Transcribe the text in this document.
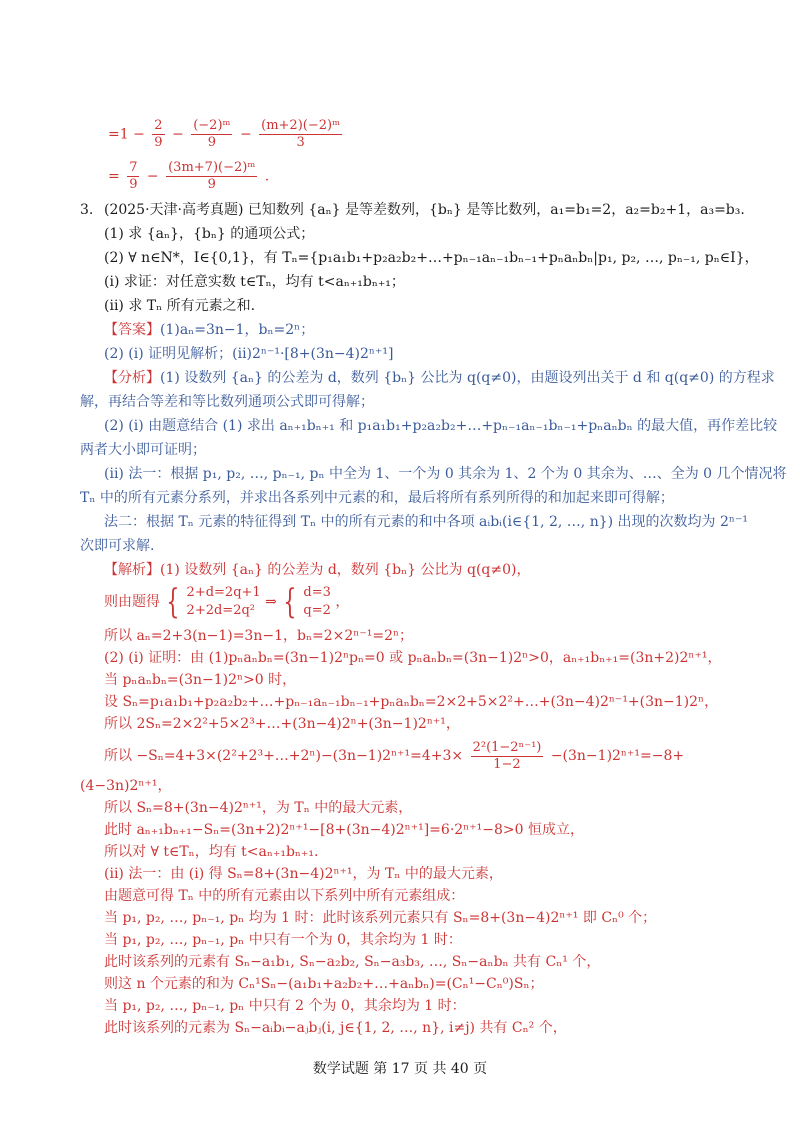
$=1 - \frac{2}{9} - \frac{\text{(−2)ᵐ}}{9} - \frac{\text{(m+2)(−2)ᵐ}}{3}$
= $\frac{7}{9} - \frac{\text{(3m+7)(−2)ᵐ}}{9}$ .
3. (2025·天津·高考真题) 已知数列 {aₙ} 是等差数列，{bₙ} 是等比数列，a₁=b₁=2，a₂=b₂+1，a₃=b₃.
(1) 求 {aₙ}，{bₙ} 的通项公式；
(2) ∀ n∈N*，I∈{0,1}，有 Tₙ={p₁a₁b₁+p₂a₂b₂+…+pₙ₋₁aₙ₋₁bₙ₋₁+pₙaₙbₙ|p₁, p₂, …, pₙ₋₁, pₙ∈I}，
(i) 求证：对任意实数 t∈Tₙ，均有 t<aₙ₊₁bₙ₊₁；
(ii) 求 Tₙ 所有元素之和.
【答案】(1)aₙ=3n−1，bₙ=2ⁿ；
(2) (i) 证明见解析；(ii)2ⁿ⁻¹·[8+(3n−4)2ⁿ⁺¹]
【分析】(1) 设数列 {aₙ} 的公差为 d，数列 {bₙ} 公比为 q(q≠0)，由题设列出关于 d 和 q(q≠0) 的方程求
解，再结合等差和等比数列通项公式即可得解；
(2) (i) 由题意结合 (1) 求出 aₙ₊₁bₙ₊₁ 和 p₁a₁b₁+p₂a₂b₂+…+pₙ₋₁aₙ₋₁bₙ₋₁+pₙaₙbₙ 的最大值，再作差比较
两者大小即可证明；
(ii) 法一：根据 p₁, p₂, …, pₙ₋₁, pₙ 中全为 1、一个为 0 其余为 1、2 个为 0 其余为、…、全为 0 几个情况将
Tₙ 中的所有元素分系列，并求出各系列中元素的和，最后将所有系列所得的和加起来即可得解；
法二：根据 Tₙ 元素的特征得到 Tₙ 中的所有元素的和中各项 aᵢbᵢ(i∈{1, 2, …, n}) 出现的次数均为 2ⁿ⁻¹
次即可求解.
【解析】(1) 设数列 {aₙ} 的公差为 d，数列 {bₙ} 公比为 q(q≠0)，
则由题得 { 2+d=2q+1
2+2d=2q²
⇒ { d=3
q=2
，
所以 aₙ=2+3(n−1)=3n−1，bₙ=2×2ⁿ⁻¹=2ⁿ；
(2) (i) 证明：由 (1)pₙaₙbₙ=(3n−1)2ⁿpₙ=0 或 pₙaₙbₙ=(3n−1)2ⁿ>0，aₙ₊₁bₙ₊₁=(3n+2)2ⁿ⁺¹，
当 pₙaₙbₙ=(3n−1)2ⁿ>0 时，
设 Sₙ=p₁a₁b₁+p₂a₂b₂+…+pₙ₋₁aₙ₋₁bₙ₋₁+pₙaₙbₙ=2×2+5×2²+…+(3n−4)2ⁿ⁻¹+(3n−1)2ⁿ，
所以 2Sₙ=2×2²+5×2³+…+(3n−4)2ⁿ+(3n−1)2ⁿ⁺¹，
所以 −Sₙ=4+3×(2²+2³+…+2ⁿ)−(3n−1)2ⁿ⁺¹=4+3× $\frac{\text{2²(1−2ⁿ⁻¹)}}{1-2} -(3n-1)2^{n+1}=-8+$
(4−3n)2ⁿ⁺¹，
所以 Sₙ=8+(3n−4)2ⁿ⁺¹，为 Tₙ 中的最大元素，
此时 aₙ₊₁bₙ₊₁−Sₙ=(3n+2)2ⁿ⁺¹−[8+(3n−4)2ⁿ⁺¹]=6·2ⁿ⁺¹−8>0 恒成立，
所以对 ∀ t∈Tₙ，均有 t<aₙ₊₁bₙ₊₁.
(ii) 法一：由 (i) 得 Sₙ=8+(3n−4)2ⁿ⁺¹，为 Tₙ 中的最大元素，
由题意可得 Tₙ 中的所有元素由以下系列中所有元素组成：
当 p₁, p₂, …, pₙ₋₁, pₙ 均为 1 时：此时该系列元素只有 Sₙ=8+(3n−4)2ⁿ⁺¹ 即 Cₙ⁰ 个；
当 p₁, p₂, …, pₙ₋₁, pₙ 中只有一个为 0，其余均为 1 时：
此时该系列的元素有 Sₙ−a₁b₁, Sₙ−a₂b₂, Sₙ−a₃b₃, …, Sₙ−aₙbₙ 共有 Cₙ¹ 个，
则这 n 个元素的和为 Cₙ¹Sₙ−(a₁b₁+a₂b₂+…+aₙbₙ)=(Cₙ¹−Cₙ⁰)Sₙ；
数学试题 第 17 页 共 40 页
当 p₁, p₂, …, pₙ₋₁, pₙ 中只有 2 个为 0，其余均为 1 时：
此时该系列的元素为 Sₙ−aᵢbᵢ−aⱼbⱼ(i, j∈{1, 2, …, n}, i≠j) 共有 Cₙ² 个，
